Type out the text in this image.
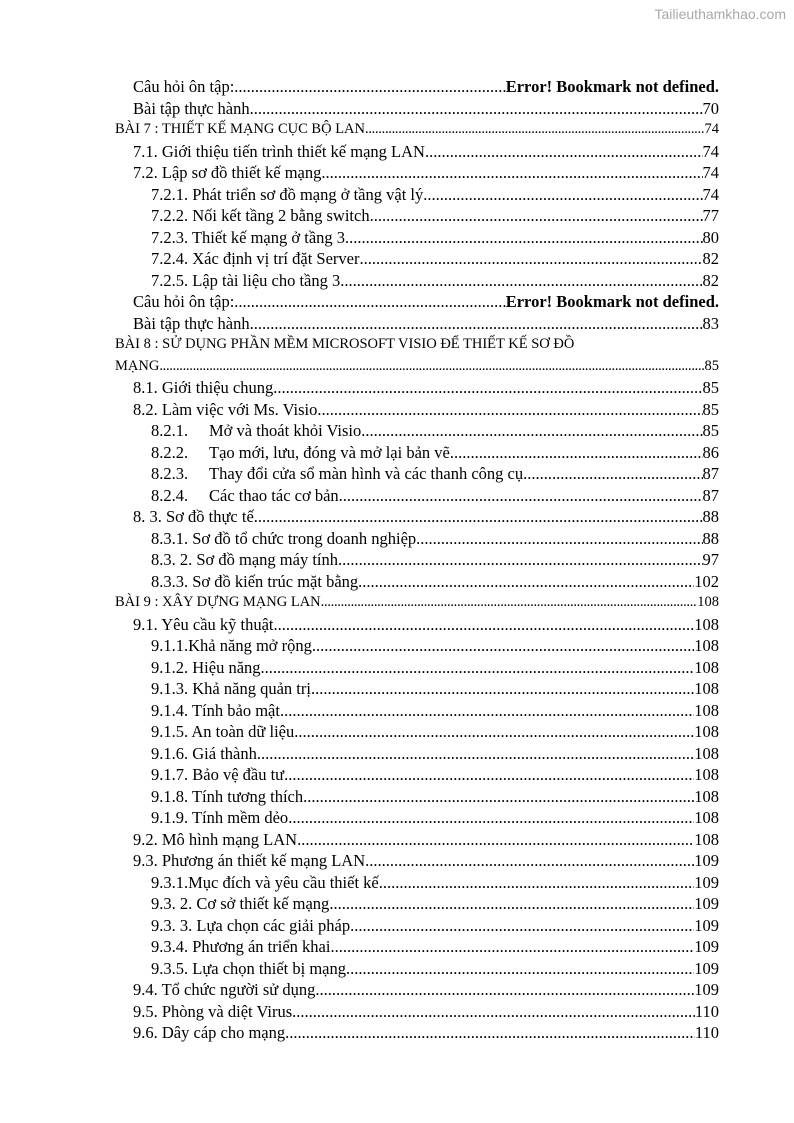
Tailieuthamkhao.com
Câu hỏi ôn tập: .....	Error! Bookmark not defined.
Bài tập thực hành .....	70
BÀI 7 : THIẾT KẾ MẠNG CỤC BỘ LAN .....	74
7.1. Giới thiệu tiến trình thiết kế mạng LAN .....	74
7.2. Lập sơ đồ thiết kế mạng .....	74
7.2.1. Phát triển sơ đồ mạng ở tầng vật lý .....	74
7.2.2. Nối kết tầng 2 bằng switch .....	77
7.2.3. Thiết kế mạng ở tầng 3 .....	80
7.2.4. Xác định vị trí đặt Server .....	82
7.2.5. Lập tài liệu cho tầng 3 .....	82
Câu hỏi ôn tập: .....	Error! Bookmark not defined.
Bài tập thực hành .....	83
BÀI 8 : SỬ DỤNG PHẦN MỀM MICROSOFT VISIO ĐỂ THIẾT KẾ SƠ ĐỒ
MẠNG .....	85
8.1. Giới thiệu chung .....	85
8.2. Làm việc với Ms. Visio .....	85
8.2.1. Mở và thoát khỏi Visio .....	85
8.2.2. Tạo mới, lưu, đóng và mở lại bản vẽ .....	86
8.2.3. Thay đổi cửa sổ màn hình và các thanh công cụ .....	87
8.2.4. Các thao tác cơ bản .....	87
8. 3. Sơ đồ thực tế .....	88
8.3.1. Sơ đồ tổ chức trong doanh nghiệp .....	88
8.3. 2. Sơ đồ mạng máy tính. .....	97
8.3.3. Sơ đồ kiến trúc mặt bằng. .....	102
BÀI 9 : XÂY DỰNG MẠNG LAN .....	108
9.1. Yêu cầu kỹ thuật .....	108
9.1.1.Khả năng mở rộng .....	108
9.1.2. Hiệu năng .....	108
9.1.3. Khả năng quản trị .....	108
9.1.4. Tính bảo mật .....	108
9.1.5. An toàn dữ liệu .....	108
9.1.6. Giá thành .....	108
9.1.7. Bảo vệ đầu tư .....	108
9.1.8. Tính tương thích .....	108
9.1.9. Tính mềm dẻo .....	108
9.2. Mô hình mạng LAN .....	108
9.3. Phương án thiết kế mạng LAN .....	109
9.3.1.Mục đích và yêu cầu thiết kế .....	109
9.3. 2. Cơ sở thiết kế mạng .....	109
9.3. 3. Lựa chọn các giải pháp .....	109
9.3.4. Phương án triển khai .....	109
9.3.5. Lựa chọn thiết bị mạng .....	109
9.4. Tổ chức người sử dụng .....	109
9.5. Phòng và diệt Virus .....	110
9.6. Dây cáp cho mạng .....	110
